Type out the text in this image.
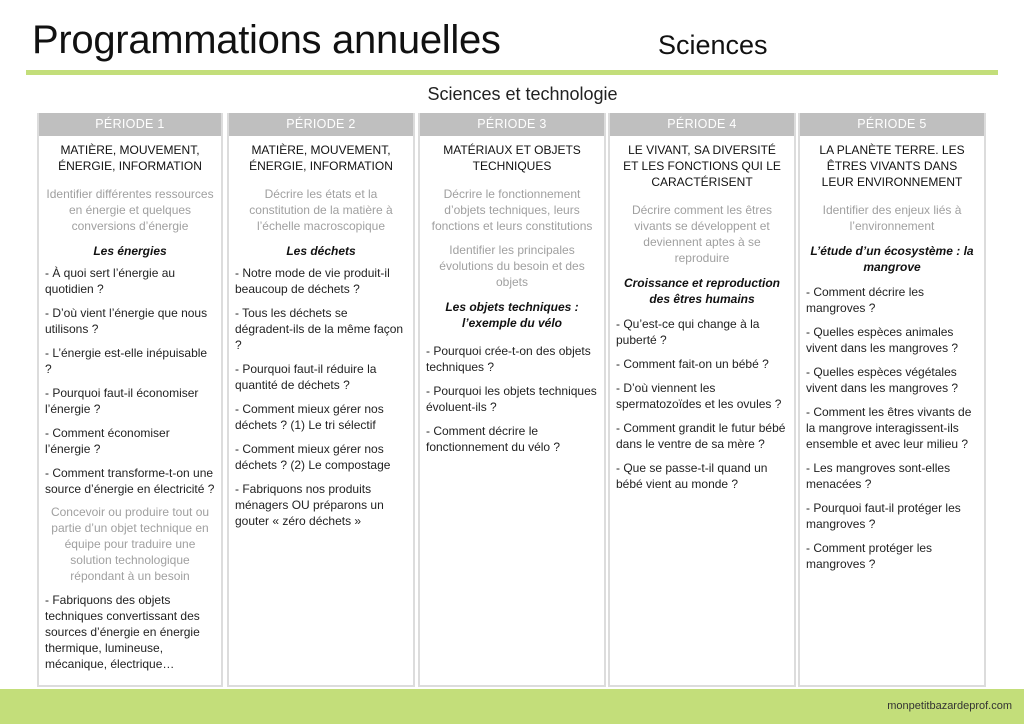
Programmations annuelles	Sciences
Sciences et technologie
PÉRIODE 1
MATIÈRE, MOUVEMENT, ÉNERGIE, INFORMATION
Identifier différentes ressources en énergie et quelques conversions d’énergie
Les énergies
- À quoi sert l’énergie au quotidien ?
- D’où vient l’énergie que nous utilisons ?
- L’énergie est-elle inépuisable ?
- Pourquoi faut-il économiser l’énergie ?
- Comment économiser l’énergie ?
- Comment transforme-t-on une source d’énergie en électricité ?
Concevoir ou produire tout ou partie d’un objet technique en équipe pour traduire une solution technologique répondant à un besoin
- Fabriquons des objets techniques convertissant des sources d’énergie en énergie thermique, lumineuse, mécanique, électrique…
PÉRIODE 2
MATIÈRE, MOUVEMENT, ÉNERGIE, INFORMATION
Décrire les états et la constitution de la matière à l’échelle macroscopique
Les déchets
- Notre mode de vie produit-il beaucoup de déchets ?
- Tous les déchets se dégradent-ils de la même façon ?
- Pourquoi faut-il réduire la quantité de déchets ?
- Comment mieux gérer nos déchets ? (1) Le tri sélectif
- Comment mieux gérer nos déchets ? (2) Le compostage
- Fabriquons nos produits ménagers OU préparons un gouter « zéro déchets »
PÉRIODE 3
MATÉRIAUX ET OBJETS TECHNIQUES
Décrire le fonctionnement d’objets techniques, leurs fonctions et leurs constitutions
Identifier les principales évolutions du besoin et des objets
Les objets techniques : l’exemple du vélo
- Pourquoi crée-t-on des objets techniques ?
- Pourquoi les objets techniques évoluent-ils ?
- Comment décrire le fonctionnement du vélo ?
PÉRIODE 4
LE VIVANT, SA DIVERSITÉ ET LES FONCTIONS QUI LE CARACTÉRISENT
Décrire comment les êtres vivants se développent et deviennent aptes à se reproduire
Croissance et reproduction des êtres humains
- Qu’est-ce qui change à la puberté ?
- Comment fait-on un bébé ?
- D’où viennent les spermatozoïdes et les ovules ?
- Comment grandit le futur bébé dans le ventre de sa mère ?
- Que se passe-t-il quand un bébé vient au monde ?
PÉRIODE 5
LA PLANÈTE TERRE. LES ÊTRES VIVANTS DANS LEUR ENVIRONNEMENT
Identifier des enjeux liés à l’environnement
L’étude d’un écosystème : la mangrove
- Comment décrire les mangroves ?
- Quelles espèces animales vivent dans les mangroves ?
- Quelles espèces végétales vivent dans les mangroves ?
- Comment les êtres vivants de la mangrove interagissent-ils ensemble et avec leur milieu ?
- Les mangroves sont-elles menacées ?
- Pourquoi faut-il protéger les mangroves ?
- Comment protéger les mangroves ?
monpetitbazardeprof.com
